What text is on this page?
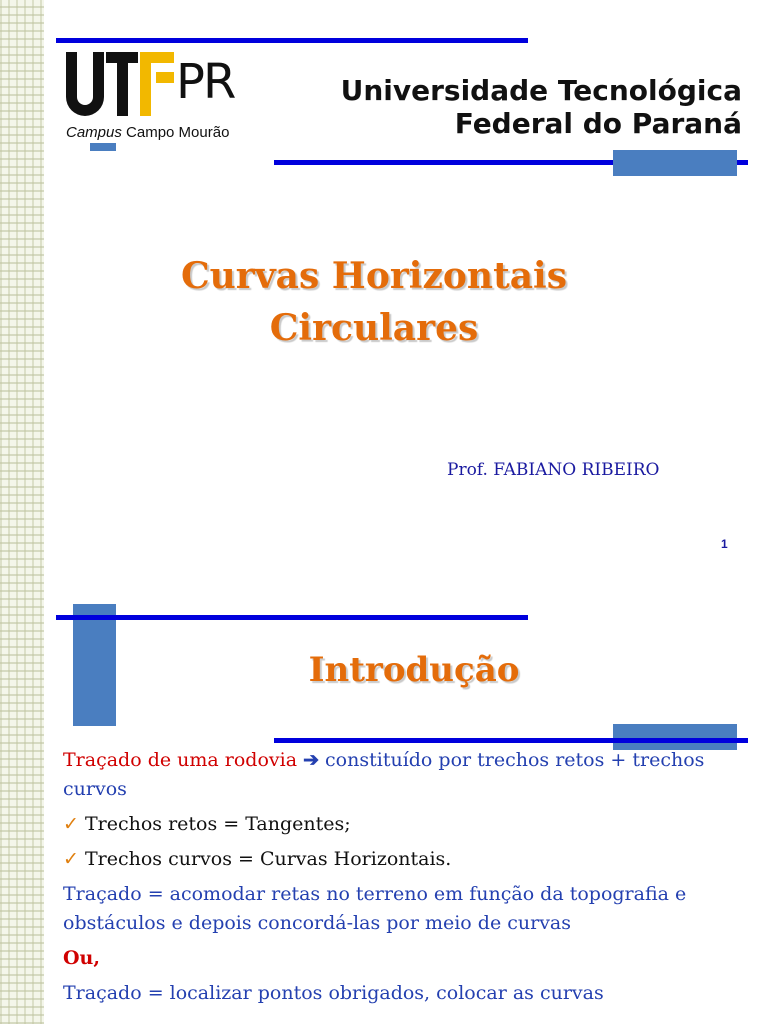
PR
Campus Campo Mourão
Universidade Tecnológica
Federal do Paraná
Curvas Horizontais
Circulares
Prof. FABIANO RIBEIRO
1
Introdução

Traçado de uma rodovia ➔ constituído por trechos retos + trechos curvos

✓ Trechos retos = Tangentes;

✓ Trechos curvos = Curvas Horizontais.

Traçado = acomodar retas no terreno em função da topografia e obstáculos e depois concordá-las por meio de curvas

Ou,

Traçado = localizar pontos obrigados, colocar as curvas
